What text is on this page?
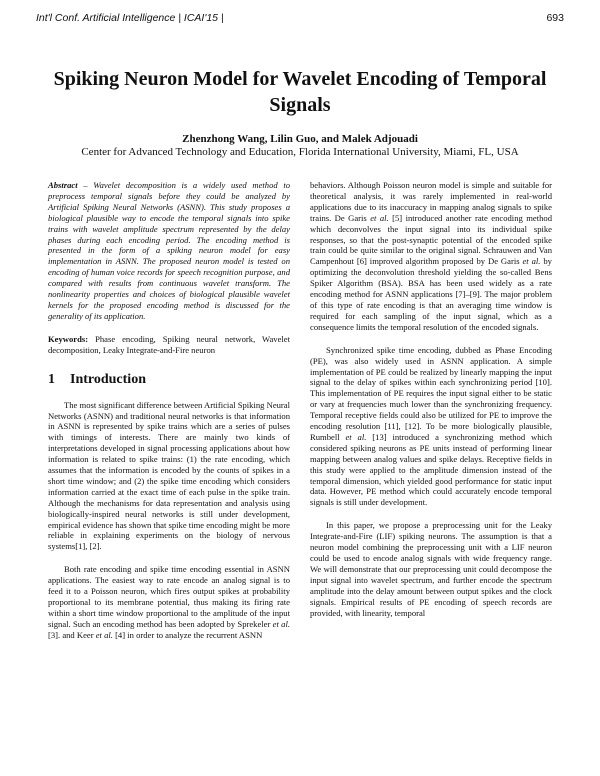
Int'l Conf. Artificial Intelligence | ICAI'15 |	693
Spiking Neuron Model for Wavelet Encoding of Temporal Signals
Zhenzhong Wang, Lilin Guo, and Malek Adjouadi
Center for Advanced Technology and Education, Florida International University, Miami, FL, USA

Abstract – Wavelet decomposition is a widely used method to preprocess temporal signals before they could be analyzed by Artificial Spiking Neural Networks (ASNN). This study proposes a biological plausible way to encode the temporal signals into spike trains with wavelet amplitude spectrum represented by the delay phases during each encoding period. The encoding method is presented in the form of a spiking neuron model for easy implementation in ASNN. The proposed neuron model is tested on encoding of human voice records for speech recognition purpose, and compared with results from continuous wavelet transform. The nonlinearity properties and choices of biological plausible wavelet kernels for the proposed encoding method is discussed for the generality of its application.

Keywords: Phase encoding, Spiking neural network, Wavelet decomposition, Leaky Integrate-and-Fire neuron

1 Introduction

The most significant difference between Artificial Spiking Neural Networks (ASNN) and traditional neural networks is that information in ASNN is represented by spike trains which are a series of pulses with timings of interests. There are mainly two kinds of interpretations developed in signal processing applications about how information is related to spike trains: (1) the rate encoding, which assumes that the information is encoded by the counts of spikes in a short time window; and (2) the spike time encoding which considers information carried at the exact time of each pulse in the spike train. Although the mechanisms for data representation and analysis using biologically-inspired neural networks is still under development, empirical evidence has shown that spike time encoding might be more reliable in explaining experiments on the biology of nervous systems[1], [2].

Both rate encoding and spike time encoding essential in ASNN applications. The easiest way to rate encode an analog signal is to feed it to a Poisson neuron, which fires output spikes at probability proportional to its membrane potential, thus making its firing rate within a short time window proportional to the amplitude of the input signal. Such an encoding method has been adopted by Sprekeler et al. [3]. and Keer et al. [4] in order to analyze the recurrent ASNN

behaviors. Although Poisson neuron model is simple and suitable for theoretical analysis, it was rarely implemented in real-world applications due to its inaccuracy in mapping analog signals to spike trains. De Garis et al. [5] introduced another rate encoding method which deconvolves the input signal into its individual spike responses, so that the post-synaptic potential of the encoded spike train could be quite similar to the original signal. Schrauwen and Van Campenhout [6] improved algorithm proposed by De Garis et al. by optimizing the deconvolution threshold yielding the so-called Bens Spiker Algorithm (BSA). BSA has been used widely as a rate encoding method for ASNN applications [7]–[9]. The major problem of this type of rate encoding is that an averaging time window is required for each sampling of the input signal, which as a consequence limits the temporal resolution of the encoded signals.

Synchronized spike time encoding, dubbed as Phase Encoding (PE), was also widely used in ASNN application. A simple implementation of PE could be realized by linearly mapping the input signal to the delay of spikes within each synchronizing period [10]. This implementation of PE requires the input signal either to be static or vary at frequencies much lower than the synchronizing frequency. Temporal receptive fields could also be utilized for PE to improve the encoding resolution [11], [12]. To be more biologically plausible, Rumbell et al. [13] introduced a synchronizing method which considered spiking neurons as PE units instead of performing linear mapping between analog values and spike delays. Receptive fields in this study were applied to the amplitude dimension instead of the temporal dimension, which yielded good performance for static input data. However, PE method which could accurately encode temporal signals is still under development.

In this paper, we propose a preprocessing unit for the Leaky Integrate-and-Fire (LIF) spiking neurons. The assumption is that a neuron model combining the preprocessing unit with a LIF neuron could be used to encode analog signals with wide frequency range. We will demonstrate that our preprocessing unit could decompose the input signal into wavelet spectrum, and further encode the spectrum amplitude into the delay amount between output spikes and the clock signals. Empirical results of PE encoding of speech records are provided, with linearity, temporal
